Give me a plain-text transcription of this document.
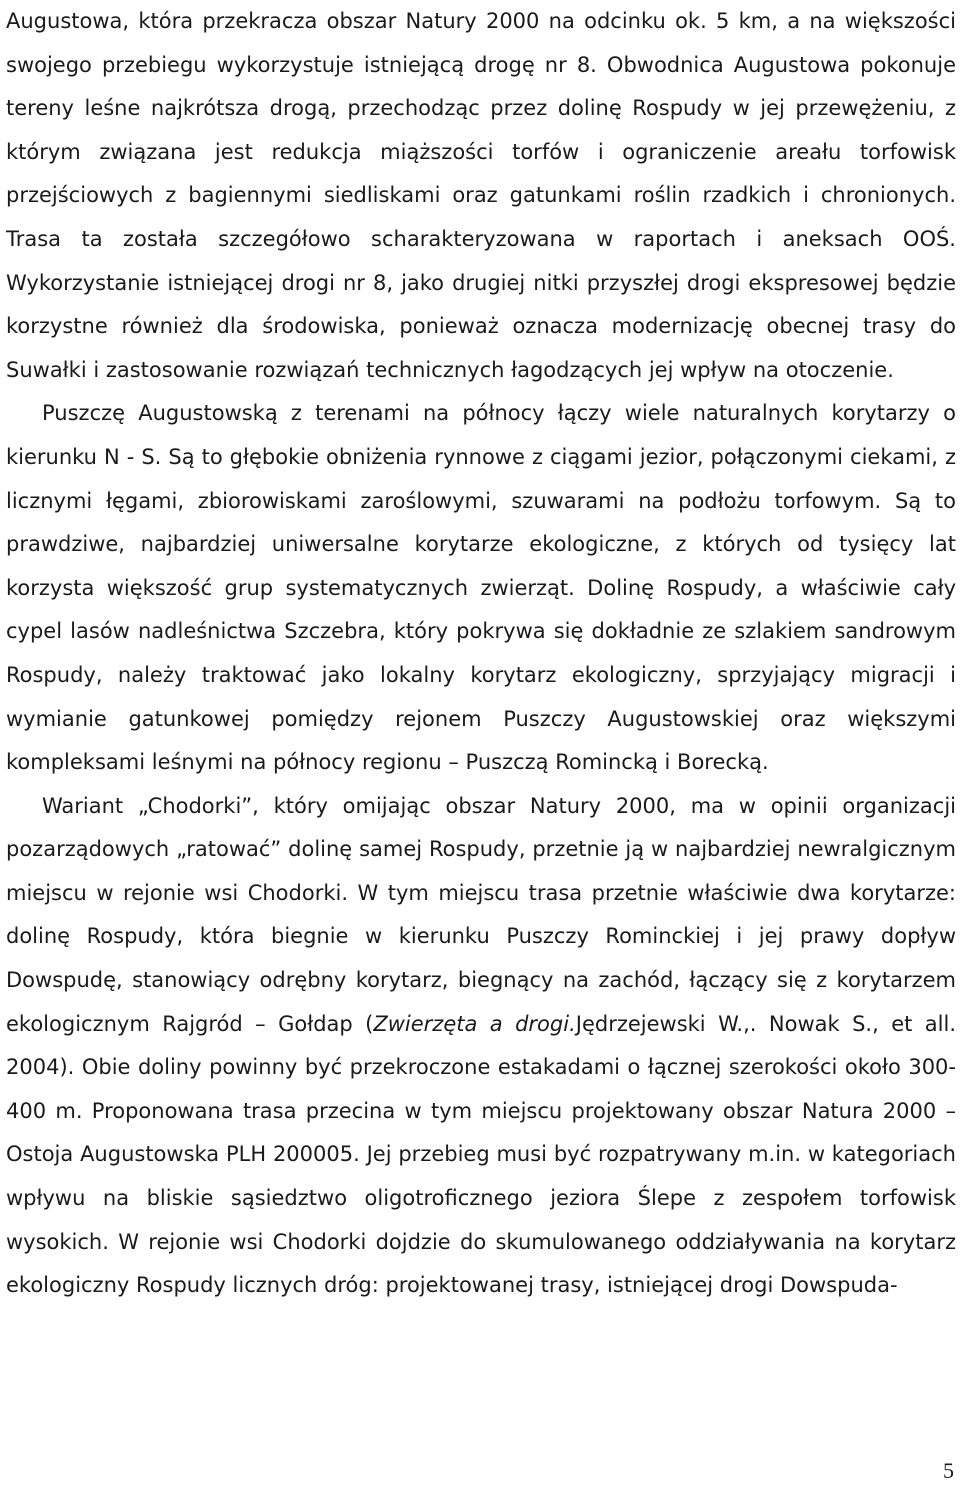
Augustowa, która przekracza obszar Natury 2000 na odcinku ok. 5 km, a na większości swojego przebiegu wykorzystuje istniejącą drogę nr 8. Obwodnica Augustowa pokonuje tereny leśne najkrótsza drogą, przechodząc przez dolinę Rospudy w jej przewężeniu, z którym związana jest redukcja miąższości torfów i ograniczenie areału torfowisk przejściowych z bagiennymi siedliskami oraz gatunkami roślin rzadkich i chronionych. Trasa ta została szczegółowo scharakteryzowana w raportach i aneksach OOŚ. Wykorzystanie istniejącej drogi nr 8, jako drugiej nitki przyszłej drogi ekspresowej będzie korzystne również dla środowiska, ponieważ oznacza modernizację obecnej trasy do Suwałki i zastosowanie rozwiązań technicznych łagodzących jej wpływ na otoczenie.

Puszczę Augustowską z terenami na północy łączy wiele naturalnych korytarzy o kierunku N - S. Są to głębokie obniżenia rynnowe z ciągami jezior, połączonymi ciekami, z licznymi łęgami, zbiorowiskami zaroślowymi, szuwarami na podłożu torfowym. Są to prawdziwe, najbardziej uniwersalne korytarze ekologiczne, z których od tysięcy lat korzysta większość grup systematycznych zwierząt. Dolinę Rospudy, a właściwie cały cypel lasów nadleśnictwa Szczebra, który pokrywa się dokładnie ze szlakiem sandrowym Rospudy, należy traktować jako lokalny korytarz ekologiczny, sprzyjający migracji i wymianie gatunkowej pomiędzy rejonem Puszczy Augustowskiej oraz większymi kompleksami leśnymi na północy regionu – Puszczą Romincką i Borecką.

Wariant „Chodorki”, który omijając obszar Natury 2000, ma w opinii organizacji pozarządowych „ratować” dolinę samej Rospudy, przetnie ją w najbardziej newralgicznym miejscu w rejonie wsi Chodorki. W tym miejscu trasa przetnie właściwie dwa korytarze: dolinę Rospudy, która biegnie w kierunku Puszczy Rominckiej i jej prawy dopływ Dowspudę, stanowiący odrębny korytarz, biegnący na zachód, łączący się z korytarzem ekologicznym Rajgród – Gołdap (Zwierzęta a drogi.Jędrzejewski W.,. Nowak S., et all. 2004). Obie doliny powinny być przekroczone estakadami o łącznej szerokości około 300-400 m. Proponowana trasa przecina w tym miejscu projektowany obszar Natura 2000 – Ostoja Augustowska PLH 200005. Jej przebieg musi być rozpatrywany m.in. w kategoriach wpływu na bliskie sąsiedztwo oligotroficznego jeziora Ślepe z zespołem torfowisk wysokich. W rejonie wsi Chodorki dojdzie do skumulowanego oddziaływania na korytarz ekologiczny Rospudy licznych dróg: projektowanej trasy, istniejącej drogi Dowspuda-

5
